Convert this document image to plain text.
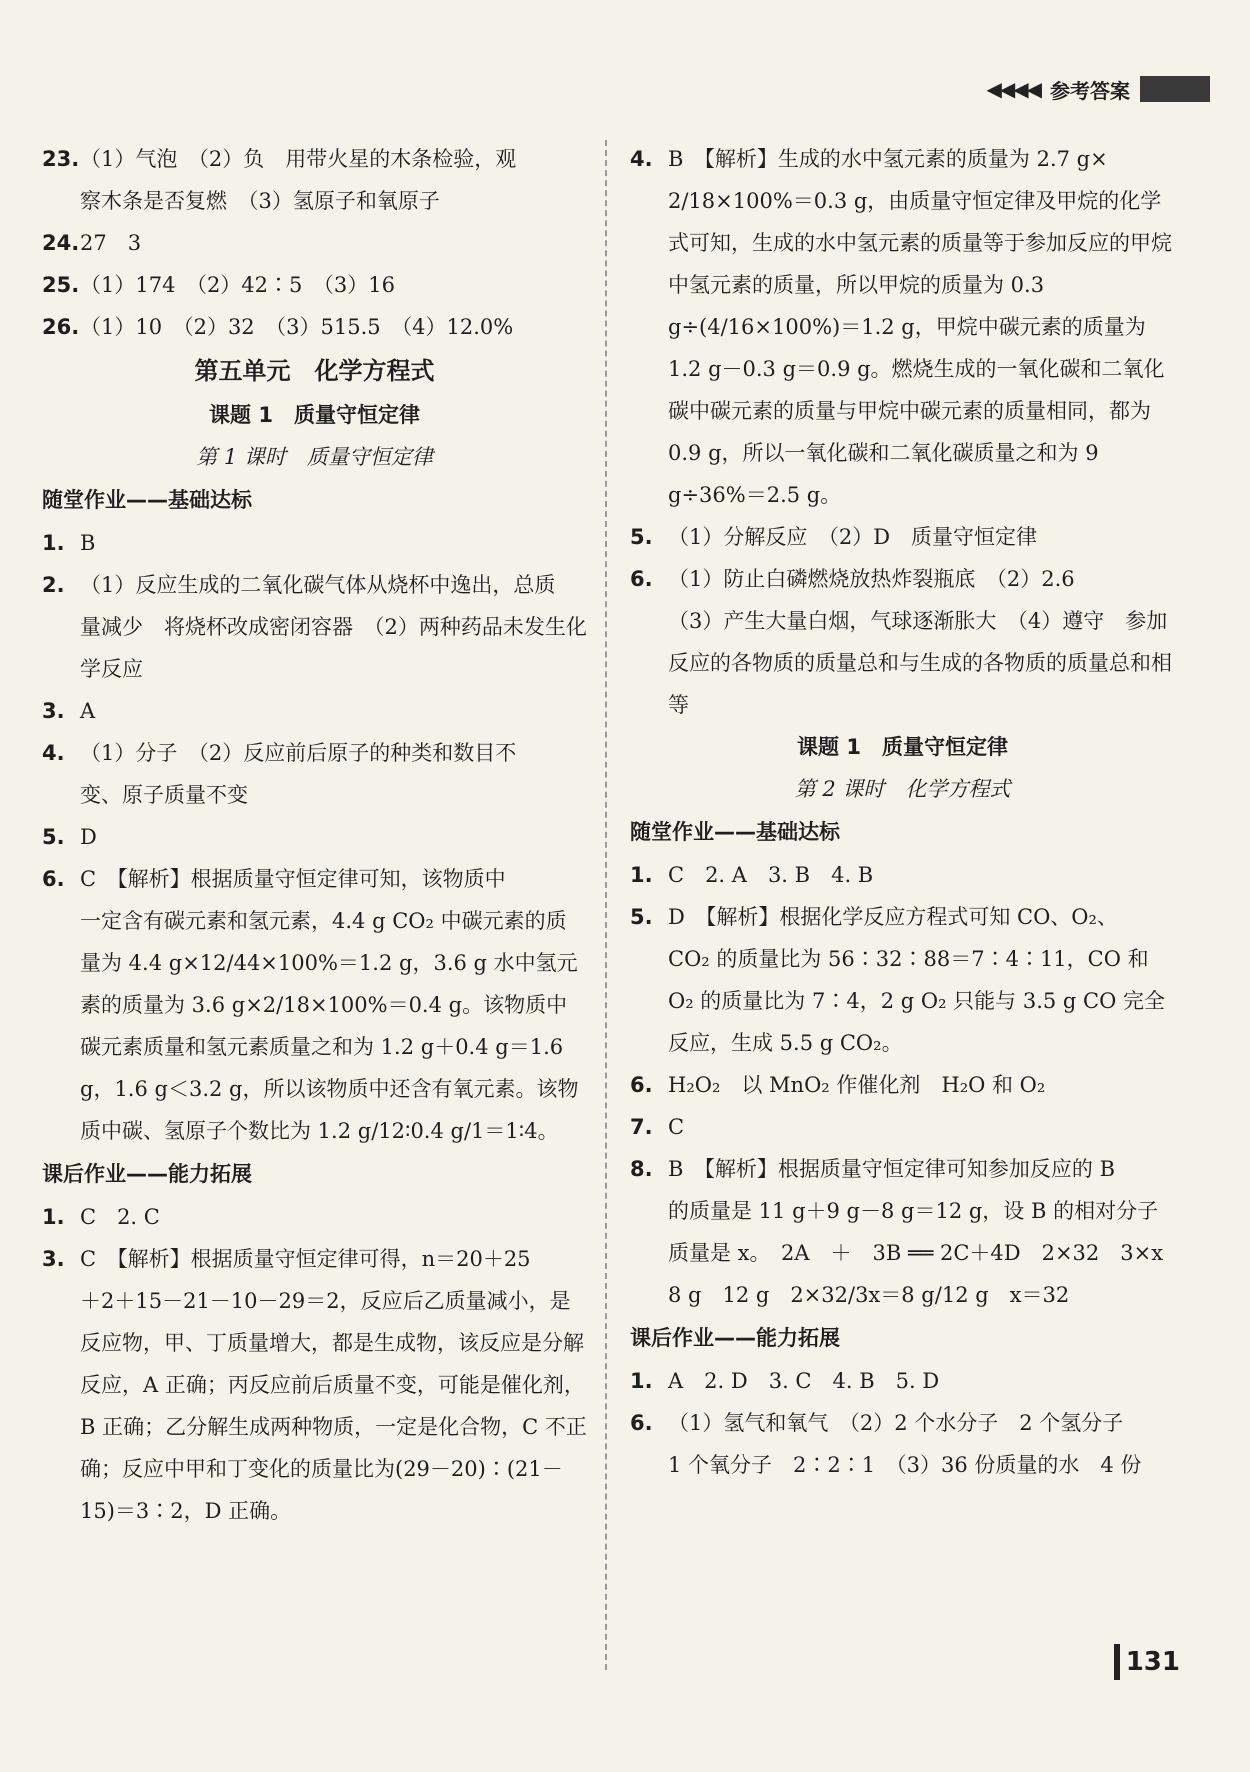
◀◀◀◀ 参考答案
23. （1）气泡　（2）负　用带火星的木条检验，观
察木条是否复燃　（3）氢原子和氧原子
24. 27　3
25. （1）174　（2）42∶5　（3）16
26. （1）10　（2）32　（3）515.5　（4）12.0%
第五单元　化学方程式
课题 1　质量守恒定律
第 1 课时　质量守恒定律
随堂作业——基础达标
1. B
2. （1）反应生成的二氧化碳气体从烧杯中逸出，总质
量减少　将烧杯改成密闭容器　（2）两种药品未发生化学反应
3. A
4. （1）分子　（2）反应前后原子的种类和数目不
变、原子质量不变
5. D
6. C　【解析】根据质量守恒定律可知，该物质中
一定含有碳元素和氢元素，4.4 g CO₂ 中碳元素的质量为 4.4 g×12/44×100%＝1.2 g，3.6 g 水中氢元素的质量为 3.6 g×2/18×100%＝0.4 g。该物质中碳元素质量和氢元素质量之和为 1.2 g＋0.4 g＝1.6 g，1.6 g＜3.2 g，所以该物质中还含有氧元素。该物质中碳、氢原子个数比为 1.2 g/12∶0.4 g/1＝1∶4。
课后作业——能力拓展
1. C　2. C
3. C　【解析】根据质量守恒定律可得，n＝20＋25
＋2＋15－21－10－29＝2，反应后乙质量减小，是反应物，甲、丁质量增大，都是生成物，该反应是分解反应，A 正确；丙反应前后质量不变，可能是催化剂，B 正确；乙分解生成两种物质，一定是化合物，C 不正确；反应中甲和丁变化的质量比为(29－20)∶(21－15)＝3∶2，D 正确。
4. B　【解析】生成的水中氢元素的质量为 2.7 g×
2/18×100%＝0.3 g，由质量守恒定律及甲烷的化学式可知，生成的水中氢元素的质量等于参加反应的甲烷中氢元素的质量，所以甲烷的质量为 0.3 g÷(4/16×100%)＝1.2 g，甲烷中碳元素的质量为 1.2 g－0.3 g＝0.9 g。燃烧生成的一氧化碳和二氧化碳中碳元素的质量与甲烷中碳元素的质量相同，都为 0.9 g，所以一氧化碳和二氧化碳质量之和为 9 g÷36%＝2.5 g。
5. （1）分解反应　（2）D　质量守恒定律
6. （1）防止白磷燃烧放热炸裂瓶底　（2）2.6
（3）产生大量白烟，气球逐渐胀大　（4）遵守　参加反应的各物质的质量总和与生成的各物质的质量总和相等
课题 1　质量守恒定律
第 2 课时　化学方程式
随堂作业——基础达标
1. C　2. A　3. B　4. B
5. D　【解析】根据化学反应方程式可知 CO、O₂、
CO₂ 的质量比为 56∶32∶88＝7∶4∶11，CO 和 O₂ 的质量比为 7∶4，2 g O₂ 只能与 3.5 g CO 完全反应，生成 5.5 g CO₂。
6. H₂O₂　以 MnO₂ 作催化剂　H₂O 和 O₂
7. C
8. B　【解析】根据质量守恒定律可知参加反应的 B
的质量是 11 g＋9 g－8 g＝12 g，设 B 的相对分子质量是 x。　2A　＋　3B ══ 2C＋4D　2×32　3×x　8 g　12 g　2×32/3x＝8 g/12 g　x＝32
课后作业——能力拓展
1. A　2. D　3. C　4. B　5. D
6. （1）氢气和氧气　（2）2 个水分子　2 个氢分子
1 个氧分子　2∶2∶1　（3）36 份质量的水　4 份
131
